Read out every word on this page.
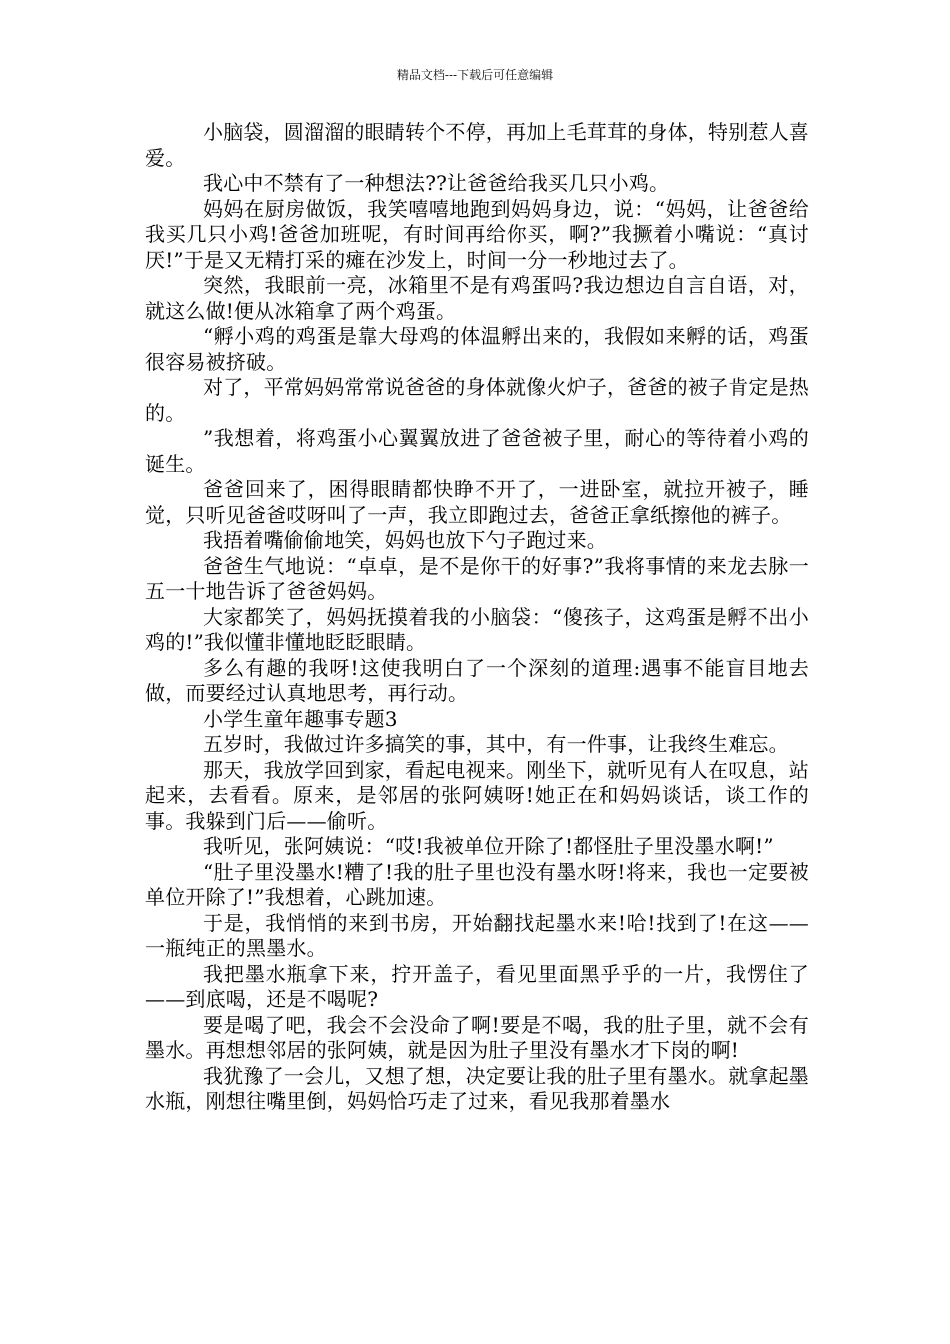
精品文档---下载后可任意编辑

小脑袋，圆溜溜的眼睛转个不停，再加上毛茸茸的身体，特别惹人喜爱。

我心中不禁有了一种想法??让爸爸给我买几只小鸡。

妈妈在厨房做饭，我笑嘻嘻地跑到妈妈身边，说：“妈妈，让爸爸给我买几只小鸡!爸爸加班呢，有时间再给你买，啊?”我撅着小嘴说：“真讨厌!”于是又无精打采的瘫在沙发上，时间一分一秒地过去了。

突然，我眼前一亮，冰箱里不是有鸡蛋吗?我边想边自言自语，对，就这么做!便从冰箱拿了两个鸡蛋。

“孵小鸡的鸡蛋是靠大母鸡的体温孵出来的，我假如来孵的话，鸡蛋很容易被挤破。

对了，平常妈妈常常说爸爸的身体就像火炉子，爸爸的被子肯定是热的。

”我想着，将鸡蛋小心翼翼放进了爸爸被子里，耐心的等待着小鸡的诞生。

爸爸回来了，困得眼睛都快睁不开了，一进卧室，就拉开被子，睡觉，只听见爸爸哎呀叫了一声，我立即跑过去，爸爸正拿纸擦他的裤子。

我捂着嘴偷偷地笑，妈妈也放下勺子跑过来。

爸爸生气地说：“卓卓，是不是你干的好事?”我将事情的来龙去脉一五一十地告诉了爸爸妈妈。

大家都笑了，妈妈抚摸着我的小脑袋：“傻孩子，这鸡蛋是孵不出小鸡的!”我似懂非懂地眨眨眼睛。

多么有趣的我呀!这使我明白了一个深刻的道理:遇事不能盲目地去做，而要经过认真地思考，再行动。

小学生童年趣事专题3

五岁时，我做过许多搞笑的事，其中，有一件事，让我终生难忘。

那天，我放学回到家，看起电视来。刚坐下，就听见有人在叹息，站起来，去看看。原来，是邻居的张阿姨呀!她正在和妈妈谈话，谈工作的事。我躲到门后——偷听。

我听见，张阿姨说：“哎!我被单位开除了!都怪肚子里没墨水啊!”

“肚子里没墨水!糟了!我的肚子里也没有墨水呀!将来，我也一定要被单位开除了!”我想着，心跳加速。

于是，我悄悄的来到书房，开始翻找起墨水来!哈!找到了!在这——一瓶纯正的黑墨水。

我把墨水瓶拿下来，拧开盖子，看见里面黑乎乎的一片，我愣住了——到底喝，还是不喝呢?

要是喝了吧，我会不会没命了啊!要是不喝，我的肚子里，就不会有墨水。再想想邻居的张阿姨，就是因为肚子里没有墨水才下岗的啊!

我犹豫了一会儿，又想了想，决定要让我的肚子里有墨水。就拿起墨水瓶，刚想往嘴里倒，妈妈恰巧走了过来，看见我那着墨水
